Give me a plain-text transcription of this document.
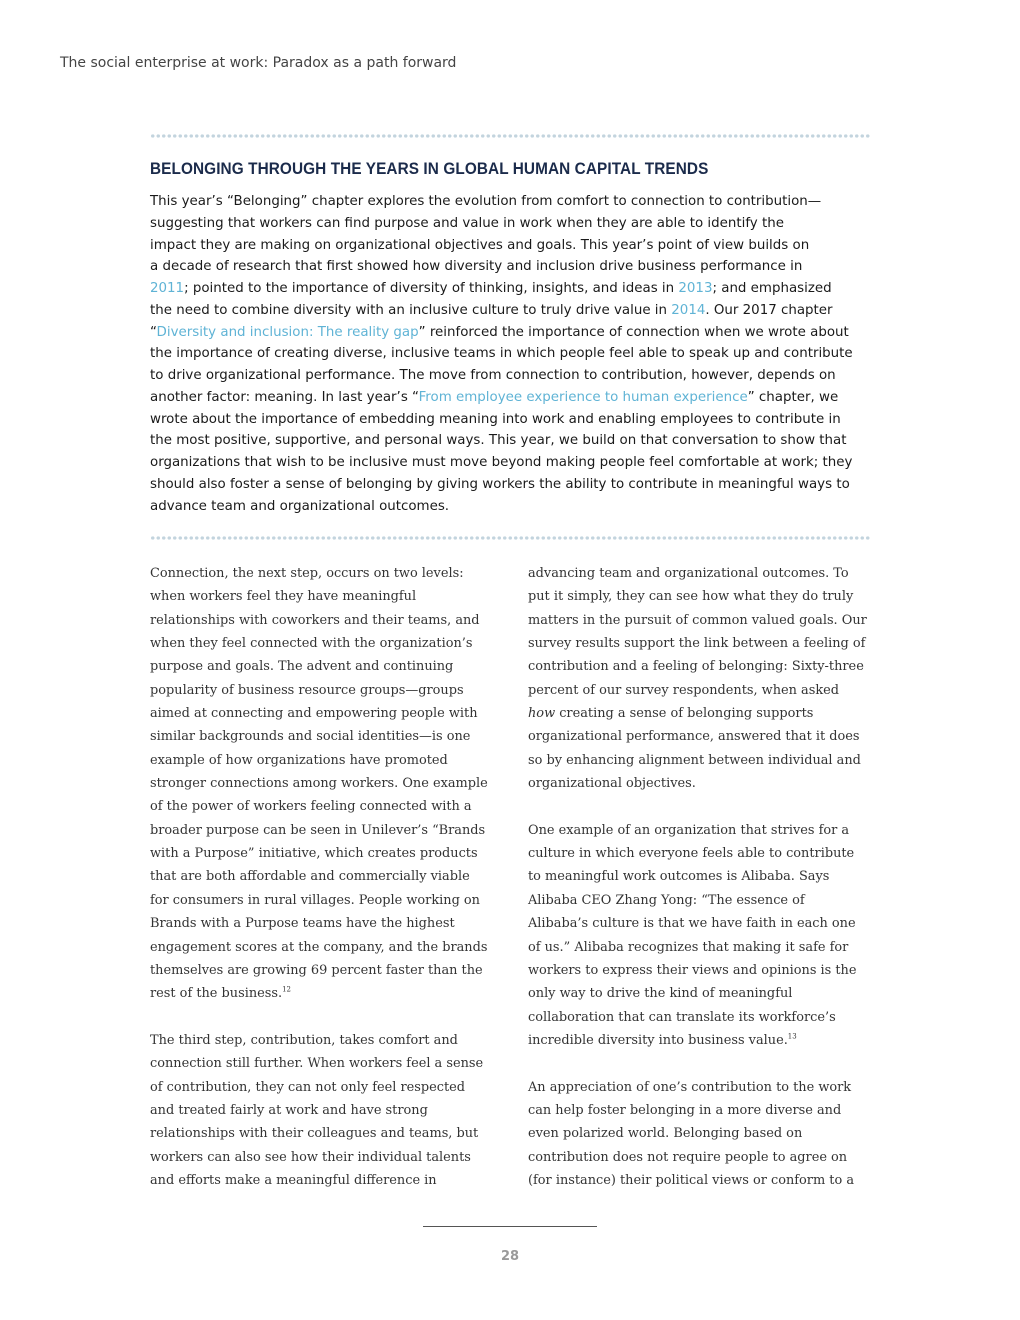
The social enterprise at work: Paradox as a path forward
BELONGING THROUGH THE YEARS IN GLOBAL HUMAN CAPITAL TRENDS
This year’s “Belonging” chapter explores the evolution from comfort to connection to contribution—
suggesting that workers can find purpose and value in work when they are able to identify the
impact they are making on organizational objectives and goals. This year’s point of view builds on
a decade of research that first showed how diversity and inclusion drive business performance in
2011; pointed to the importance of diversity of thinking, insights, and ideas in 2013; and emphasized
the need to combine diversity with an inclusive culture to truly drive value in 2014. Our 2017 chapter
“Diversity and inclusion: The reality gap” reinforced the importance of connection when we wrote about
the importance of creating diverse, inclusive teams in which people feel able to speak up and contribute
to drive organizational performance. The move from connection to contribution, however, depends on
another factor: meaning. In last year’s “From employee experience to human experience” chapter, we
wrote about the importance of embedding meaning into work and enabling employees to contribute in
the most positive, supportive, and personal ways. This year, we build on that conversation to show that
organizations that wish to be inclusive must move beyond making people feel comfortable at work; they
should also foster a sense of belonging by giving workers the ability to contribute in meaningful ways to
advance team and organizational outcomes.
Connection, the next step, occurs on two levels:
when workers feel they have meaningful
relationships with coworkers and their teams, and
when they feel connected with the organization’s
purpose and goals. The advent and continuing
popularity of business resource groups—groups
aimed at connecting and empowering people with
similar backgrounds and social identities—is one
example of how organizations have promoted
stronger connections among workers. One example
of the power of workers feeling connected with a
broader purpose can be seen in Unilever’s “Brands
with a Purpose” initiative, which creates products
that are both affordable and commercially viable
for consumers in rural villages. People working on
Brands with a Purpose teams have the highest
engagement scores at the company, and the brands
themselves are growing 69 percent faster than the
rest of the business.$^{12}$
The third step, contribution, takes comfort and
connection still further. When workers feel a sense
of contribution, they can not only feel respected
and treated fairly at work and have strong
relationships with their colleagues and teams, but
workers can also see how their individual talents
and efforts make a meaningful difference in
advancing team and organizational outcomes. To
put it simply, they can see how what they do truly
matters in the pursuit of common valued goals. Our
survey results support the link between a feeling of
contribution and a feeling of belonging: Sixty-three
percent of our survey respondents, when asked
how creating a sense of belonging supports
organizational performance, answered that it does
so by enhancing alignment between individual and
organizational objectives.
One example of an organization that strives for a
culture in which everyone feels able to contribute
to meaningful work outcomes is Alibaba. Says
Alibaba CEO Zhang Yong: “The essence of
Alibaba’s culture is that we have faith in each one
of us.” Alibaba recognizes that making it safe for
workers to express their views and opinions is the
only way to drive the kind of meaningful
collaboration that can translate its workforce’s
incredible diversity into business value.$^{13}$
An appreciation of one’s contribution to the work
can help foster belonging in a more diverse and
even polarized world. Belonging based on
contribution does not require people to agree on
(for instance) their political views or conform to a
28
